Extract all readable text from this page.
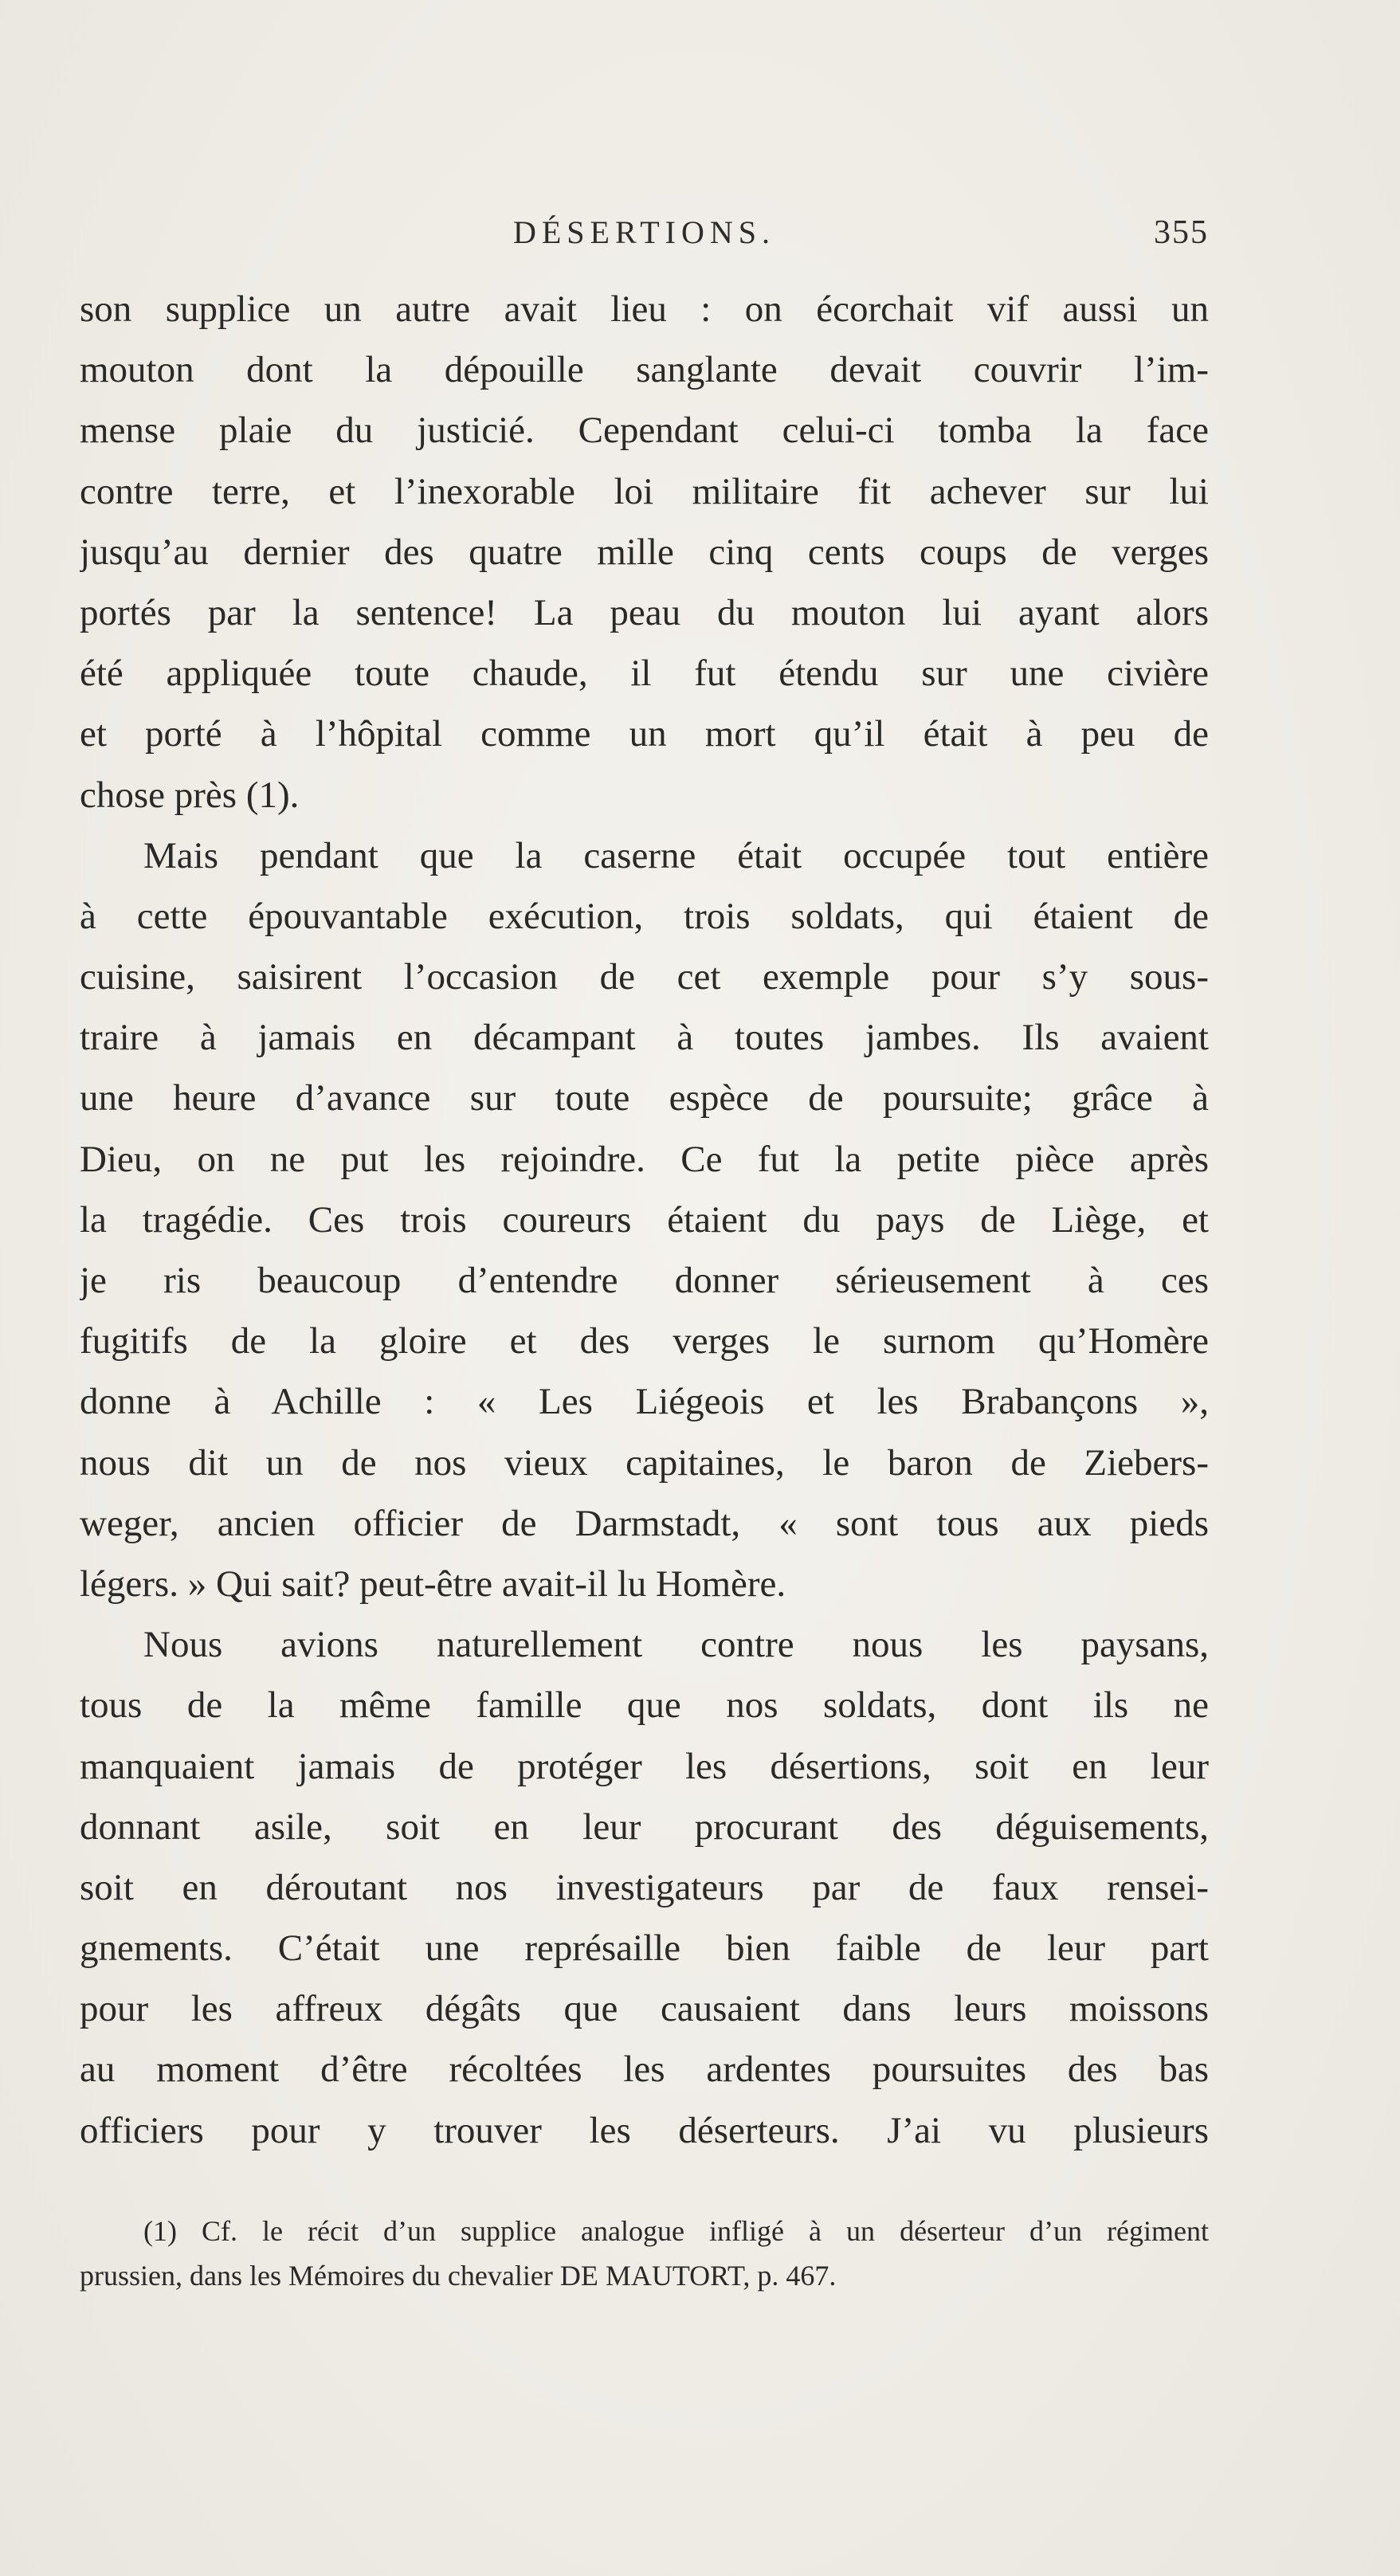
DÉSERTIONS.	355
son supplice un autre avait lieu : on écorchait vif aussi un
mouton dont la dépouille sanglante devait couvrir l’im-
mense plaie du justicié. Cependant celui-ci tomba la face
contre terre, et l’inexorable loi militaire fit achever sur lui
jusqu’au dernier des quatre mille cinq cents coups de verges
portés par la sentence! La peau du mouton lui ayant alors
été appliquée toute chaude, il fut étendu sur une civière
et porté à l’hôpital comme un mort qu’il était à peu de
chose près (1).
Mais pendant que la caserne était occupée tout entière
à cette épouvantable exécution, trois soldats, qui étaient de
cuisine, saisirent l’occasion de cet exemple pour s’y sous-
traire à jamais en décampant à toutes jambes. Ils avaient
une heure d’avance sur toute espèce de poursuite; grâce à
Dieu, on ne put les rejoindre. Ce fut la petite pièce après
la tragédie. Ces trois coureurs étaient du pays de Liège, et
je ris beaucoup d’entendre donner sérieusement à ces
fugitifs de la gloire et des verges le surnom qu’Homère
donne à Achille : « Les Liégeois et les Brabançons »,
nous dit un de nos vieux capitaines, le baron de Ziebers-
weger, ancien officier de Darmstadt, « sont tous aux pieds
légers. » Qui sait? peut-être avait-il lu Homère.
Nous avions naturellement contre nous les paysans,
tous de la même famille que nos soldats, dont ils ne
manquaient jamais de protéger les désertions, soit en leur
donnant asile, soit en leur procurant des déguisements,
soit en déroutant nos investigateurs par de faux rensei-
gnements. C’était une représaille bien faible de leur part
pour les affreux dégâts que causaient dans leurs moissons
au moment d’être récoltées les ardentes poursuites des bas
officiers pour y trouver les déserteurs. J’ai vu plusieurs
(1) Cf. le récit d’un supplice analogue infligé à un déserteur d’un régiment
prussien, dans les Mémoires du chevalier DE MAUTORT, p. 467.
